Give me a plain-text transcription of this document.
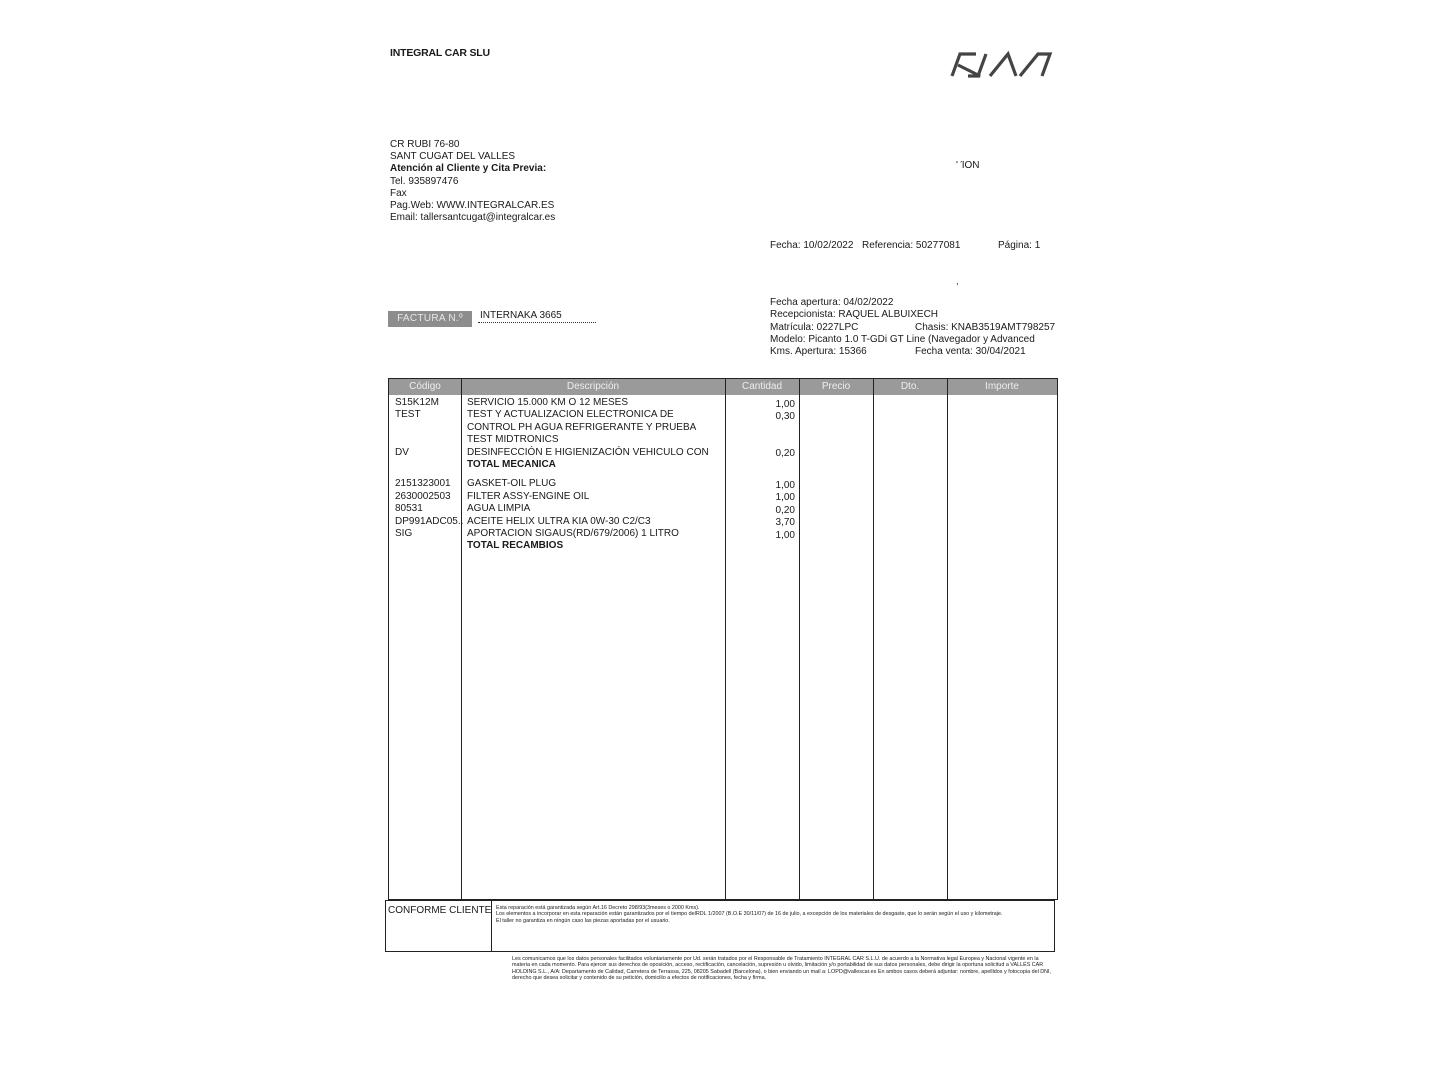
INTEGRAL CAR SLU
CR RUBI 76-80
SANT CUGAT DEL VALLES
Atención al Cliente y Cita Previa:
Tel. 935897476
Fax
Pag.Web: WWW.INTEGRALCAR.ES
Email: tallersantcugat@integralcar.es
' ΊΟΝ
Fecha: 10/02/2022 Referencia: 50277081	Página: 1
,
Fecha apertura: 04/02/2022
Recepcionista: RAQUEL ALBUIXECH
Matrícula: 0227LPC	Chasis: KNAB3519AMT798257
Modelo: Picanto 1.0 T-GDi GT Line (Navegador y Advanced
Kms. Apertura: 15366	Fecha venta: 30/04/2021
FACTURA N.º	INTERNAKA 3665
Código	Descripción	Cantidad	Precio	Dto.	Importe
S15K12M	SERVICIO 15.000 KM O 12 MESES	1,00
TEST	TEST Y ACTUALIZACION ELECTRONICA DE	0,30
CONTROL PH AGUA REFRIGERANTE Y PRUEBA
TEST MIDTRONICS
DV	DESINFECCIÓN E HIGIENIZACIÓN VEHICULO CON	0,20
TOTAL MECANICA
2151323001 GASKET-OIL PLUG	1,00
2630002503 FILTER ASSY-ENGINE OIL	1,00
80531	AGUA LIMPIA	0,20
DP991ADC05.. ACEITE HELIX ULTRA KIA 0W-30 C2/C3	3,70
SIG	APORTACION SIGAUS(RD/679/2006) 1 LITRO	1,00
TOTAL RECAMBIOS
CONFORME CLIENTE Esta reparación está garantizada según Art.16 Decreto 298/93(3meses o 2000 Kms).
Los elementos a incorporar en esta reparación están garantizados por el tiempo delRDL 1/2007 (B.O.E 30/11/07) de 16 de julio, a excepción de los materiales de desgaste, que lo serán según el uso y kilometraje.
El taller no garantiza en ningún caso las piezas aportadas por el usuario.
Les comunicamos que los datos personales facilitados voluntariamente por Ud. serán tratados por el Responsable de Tratamiento INTEGRAL CAR S.L.U. de acuerdo a la Normativa legal Europea y Nacional vigente en la materia en cada momento. Para ejercer sus derechos de oposición, acceso, rectificación, cancelación, supresión u olvido, limitación y/o portabilidad de sus datos personales, debe dirigir la oportuna solicitud a VALLÉS CAR HOLDING S.L., A/A: Departamento de Calidad, Carretera de Terrassa, 225, 08205 Sabadell (Barcelona), o bien enviando un mail a: LOPD@vallescar.es En ambos casos deberá adjuntar: nombre, apellidos y fotocopia del DNI, derecho que desea solicitar y contenido de su petición, domicilio a efectos de notificaciones, fecha y firma.
